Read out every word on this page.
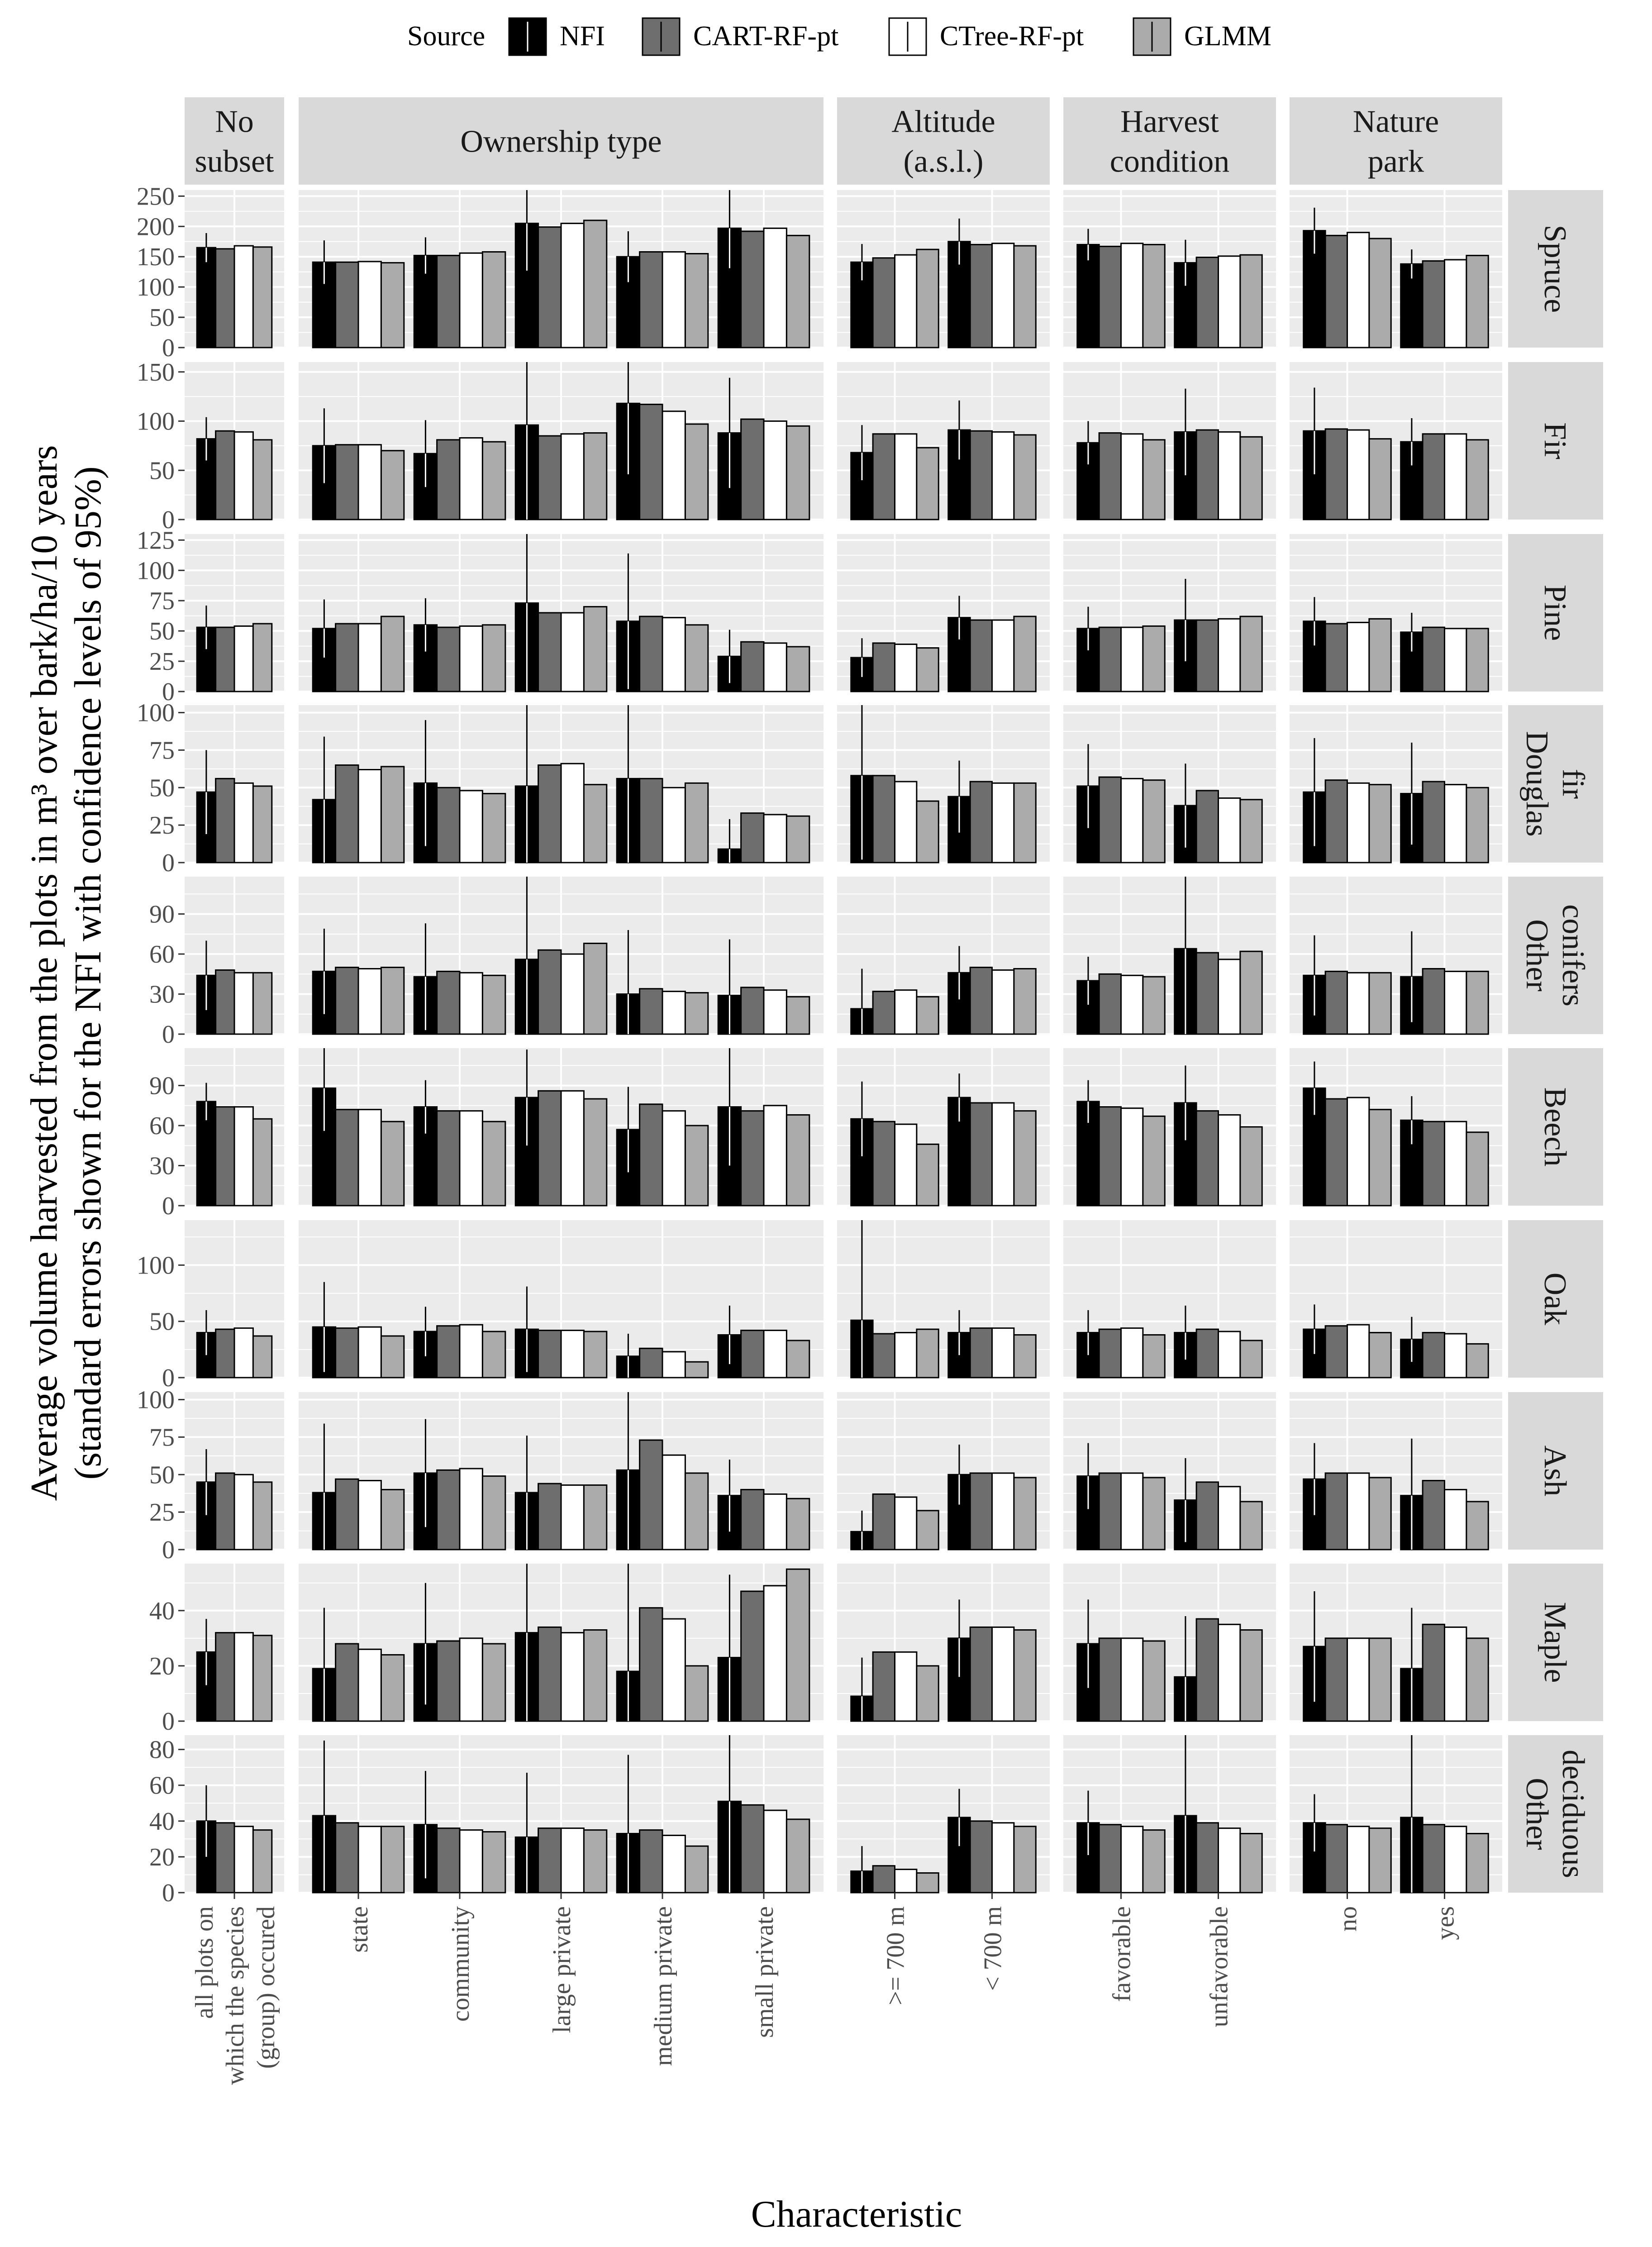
Source	NFI	CART-RF-pt	CTree-RF-pt	GLMM
No
subset
Ownership type
Altitude
(a.s.l.)
Harvest
condition
Nature
park
Spruce
0
50
100
150
200
250
Fir
0
50
100
150
Pine
0
25
50
75
100
125
Douglas fir
0
25
50
75
100
Other conifers
0
30
60
90
Beech
0
30
60
90
Oak
0
50
100
Ash
0
25
50
75
100
Maple
0
20
40
Other deciduous
0
20
40
60
80
all plots on which the species (group) occured	state	community	large private	medium private	small private	>= 700 m	< 700 m	favorable	unfavorable	no	yes
Average volume harvested from the plots in m³ over bark/ha/10 years (standard errors shown for the NFI with confidence levels of 95%)
Characteristic
